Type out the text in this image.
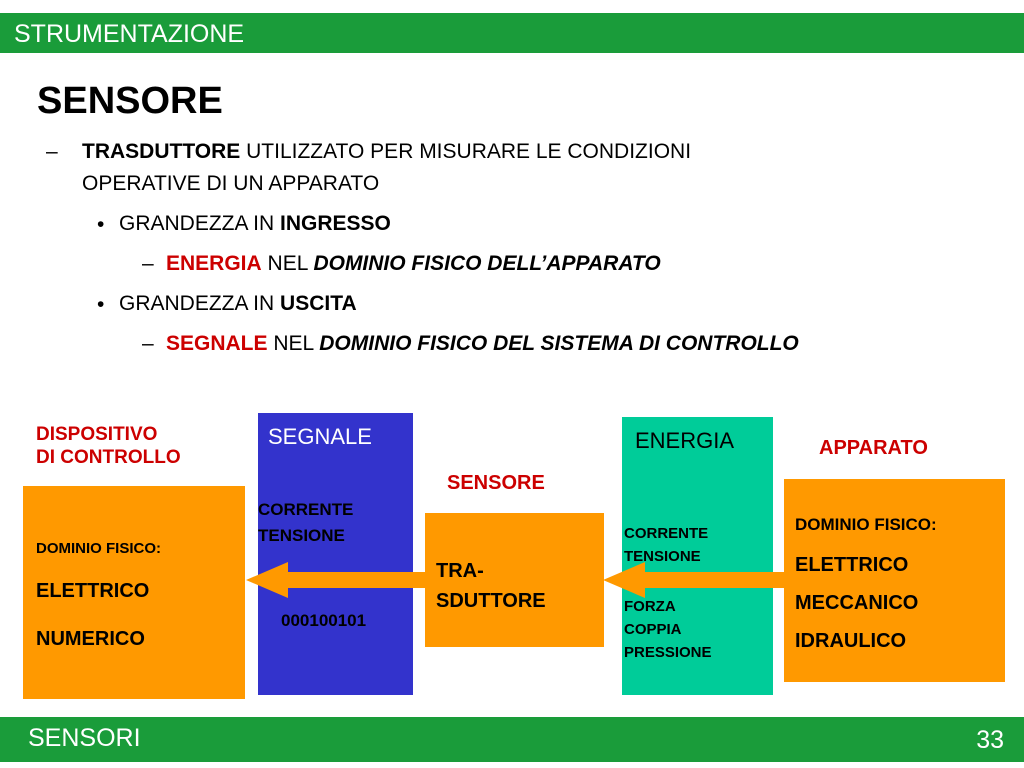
STRUMENTAZIONE
SENSORE
– TRASDUTTORE UTILIZZATO PER MISURARE LE CONDIZIONI
OPERATIVE DI UN APPARATO
• GRANDEZZA IN INGRESSO
– ENERGIA NEL DOMINIO FISICO DELL’APPARATO
• GRANDEZZA IN USCITA
– SEGNALE NEL DOMINIO FISICO DEL SISTEMA DI CONTROLLO
DISPOSITIVO
DI CONTROLLO
DOMINIO FISICO:
ELETTRICO
NUMERICO
SEGNALE
CORRENTE
TENSIONE
000100101
SENSORE
TRA-
SDUTTORE
ENERGIA
CORRENTE
TENSIONE
FORZA
COPPIA
PRESSIONE
APPARATO
DOMINIO FISICO:
ELETTRICO
MECCANICO
IDRAULICO
SENSORI	33
